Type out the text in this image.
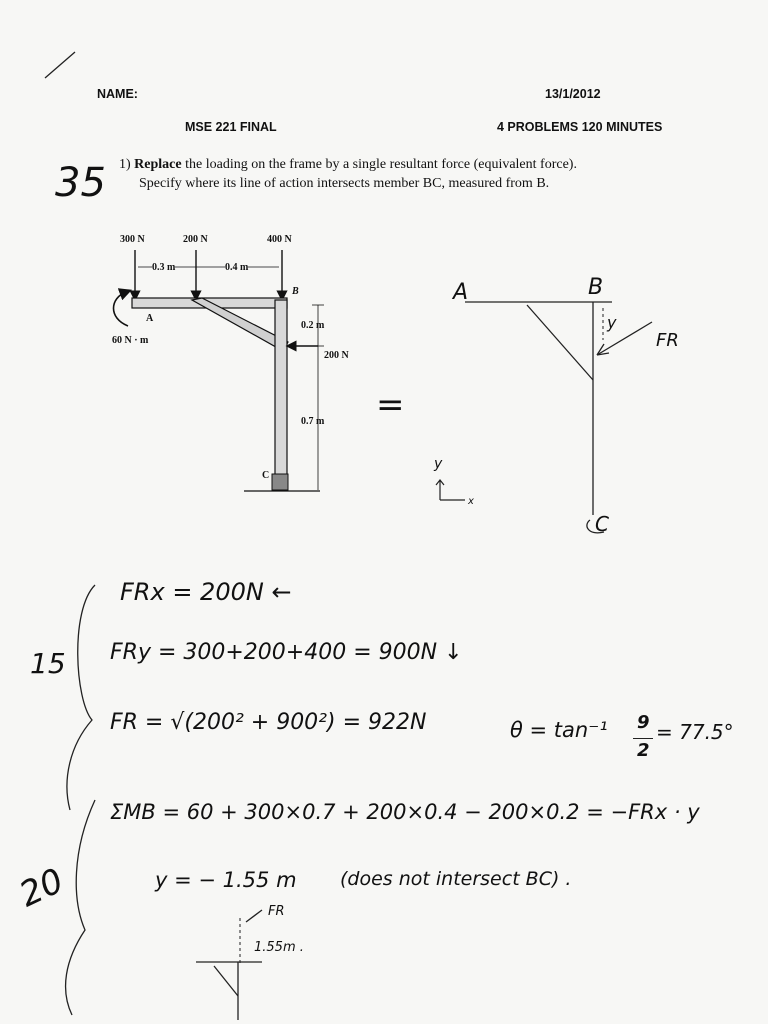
NAME:	13/1/2012
MSE 221 FINAL	4 PROBLEMS 120 MINUTES
1) Replace the loading on the frame by a single resultant force (equivalent force).
Specify where its line of action intersects member BC, measured from B.
300 N	200 N	400 N
0.3 m	0.4 m
A
B
C
60 N · m
0.2 m
200 N
0.7 m
35
=
A	B
y
FR
C
y
x
FRx = 200N ←
15 FRy = 300+200+400 = 900N ↓
FR = √(200² + 900²) = 922N	θ = tan⁻¹ 9
2
= 77.5°
ΣMB = 60 + 300×0.7 + 200×0.4 − 200×0.2 = −FRx · y
20	y = − 1.55 m (does not intersect BC) .
FR
1.55m .
